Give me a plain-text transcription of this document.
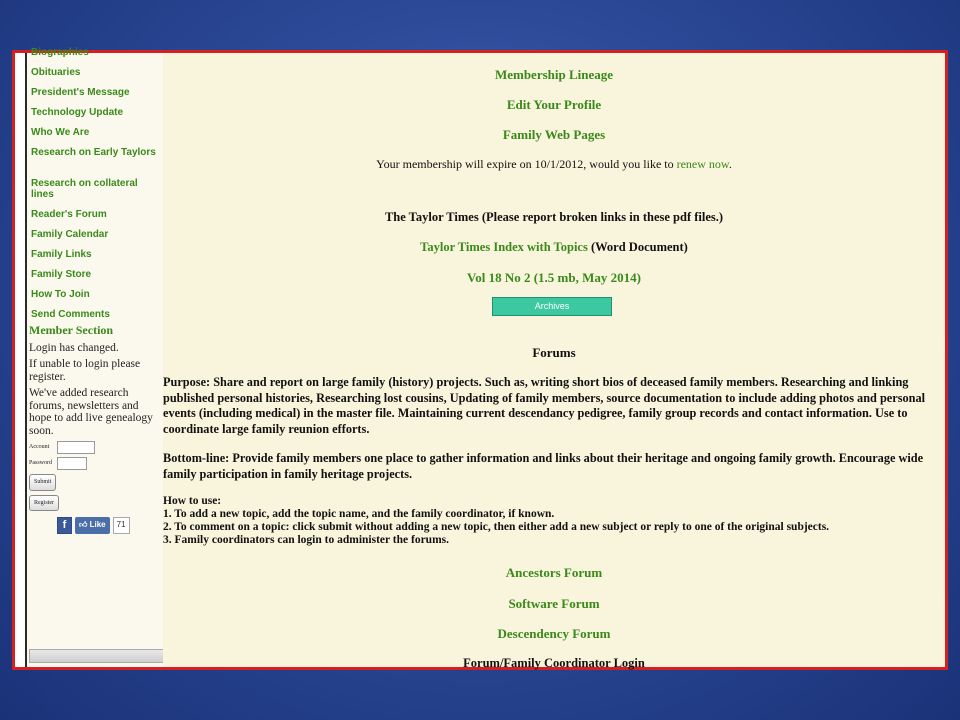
Biographies
Obituaries
President's Message
Technology Update
Who We Are
Research on Early Taylors
Research on collateral lines
Reader's Forum
Family Calendar
Family Links
Family Store
How To Join
Send Comments
Member Section

Login has changed.

If unable to login please register.

We've added research forums, newsletters and hope to add live genealogy soon.

Account
Password
Submit
Register
f	👍︎ Like	71
Membership Lineage
Edit Your Profile
Family Web Pages
Your membership will expire on 10/1/2012, would you like to renew now.
The Taylor Times (Please report broken links in these pdf files.)
Taylor Times Index with Topics (Word Document)
Vol 18 No 2 (1.5 mb, May 2014)
Archives
Forums
Purpose: Share and report on large family (history) projects. Such as, writing short bios of deceased family members. Researching and linking published personal histories, Researching lost cousins, Updating of family members, source documentation to include adding photos and personal events (including medical) in the master file. Maintaining current descendancy pedigree, family group records and contact information. Use to coordinate large family reunion efforts.
Bottom-line: Provide family members one place to gather information and links about their heritage and ongoing family growth. Encourage wide family participation in family heritage projects.
How to use:
1. To add a new topic, add the topic name, and the family coordinator, if known.
2. To comment on a topic: click submit without adding a new topic, then either add a new subject or reply to one of the original subjects.
3. Family coordinators can login to administer the forums.
Ancestors Forum
Software Forum
Descendency Forum
Forum/Family Coordinator Login
